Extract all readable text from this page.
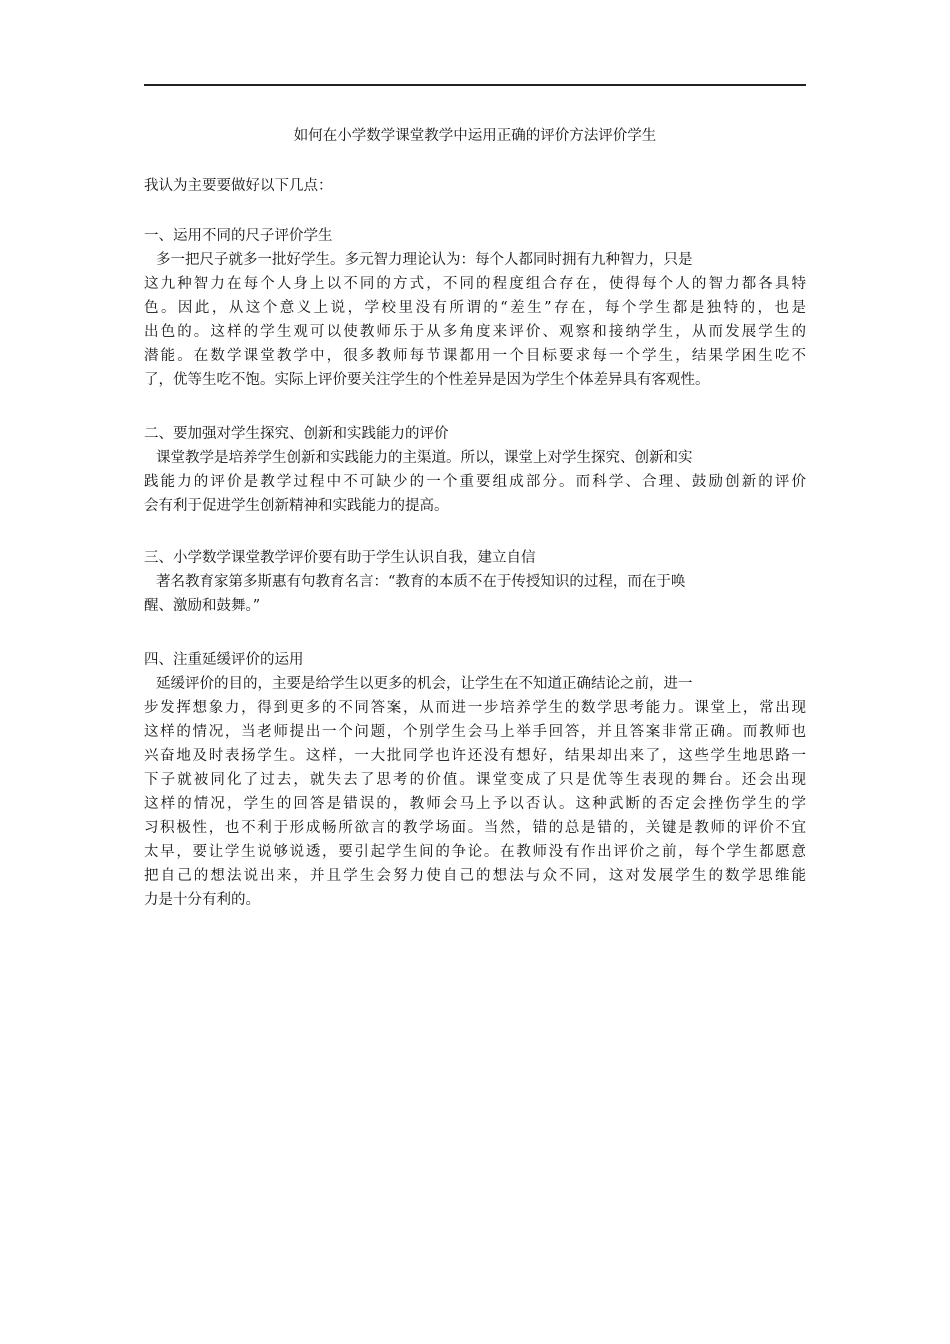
如何在小学数学课堂教学中运用正确的评价方法评价学生
我认为主要要做好以下几点：
一、运用不同的尺子评价学生
多一把尺子就多一批好学生。多元智力理论认为：每个人都同时拥有九种智力，只是
这九种智力在每个人身上以不同的方式，不同的程度组合存在，使得每个人的智力都各具特
色。因此，从这个意义上说，学校里没有所谓的“差生”存在，每个学生都是独特的，也是
出色的。这样的学生观可以使教师乐于从多角度来评价、观察和接纳学生，从而发展学生的
潜能。在数学课堂教学中，很多教师每节课都用一个目标要求每一个学生，结果学困生吃不
了，优等生吃不饱。实际上评价要关注学生的个性差异是因为学生个体差异具有客观性。
二、要加强对学生探究、创新和实践能力的评价
课堂教学是培养学生创新和实践能力的主渠道。所以，课堂上对学生探究、创新和实
践能力的评价是教学过程中不可缺少的一个重要组成部分。而科学、合理、鼓励创新的评价
会有利于促进学生创新精神和实践能力的提高。
三、小学数学课堂教学评价要有助于学生认识自我，建立自信
著名教育家第多斯惠有句教育名言：“教育的本质不在于传授知识的过程，而在于唤
醒、激励和鼓舞。”
四、注重延缓评价的运用
延缓评价的目的，主要是给学生以更多的机会，让学生在不知道正确结论之前，进一
步发挥想象力，得到更多的不同答案，从而进一步培养学生的数学思考能力。课堂上，常出现
这样的情况，当老师提出一个问题，个别学生会马上举手回答，并且答案非常正确。而教师也
兴奋地及时表扬学生。这样，一大批同学也许还没有想好，结果却出来了，这些学生地思路一
下子就被同化了过去，就失去了思考的价值。课堂变成了只是优等生表现的舞台。还会出现
这样的情况，学生的回答是错误的，教师会马上予以否认。这种武断的否定会挫伤学生的学
习积极性，也不利于形成畅所欲言的教学场面。当然，错的总是错的，关键是教师的评价不宜
太早，要让学生说够说透，要引起学生间的争论。在教师没有作出评价之前，每个学生都愿意
把自己的想法说出来，并且学生会努力使自己的想法与众不同，这对发展学生的数学思维能
力是十分有利的。
